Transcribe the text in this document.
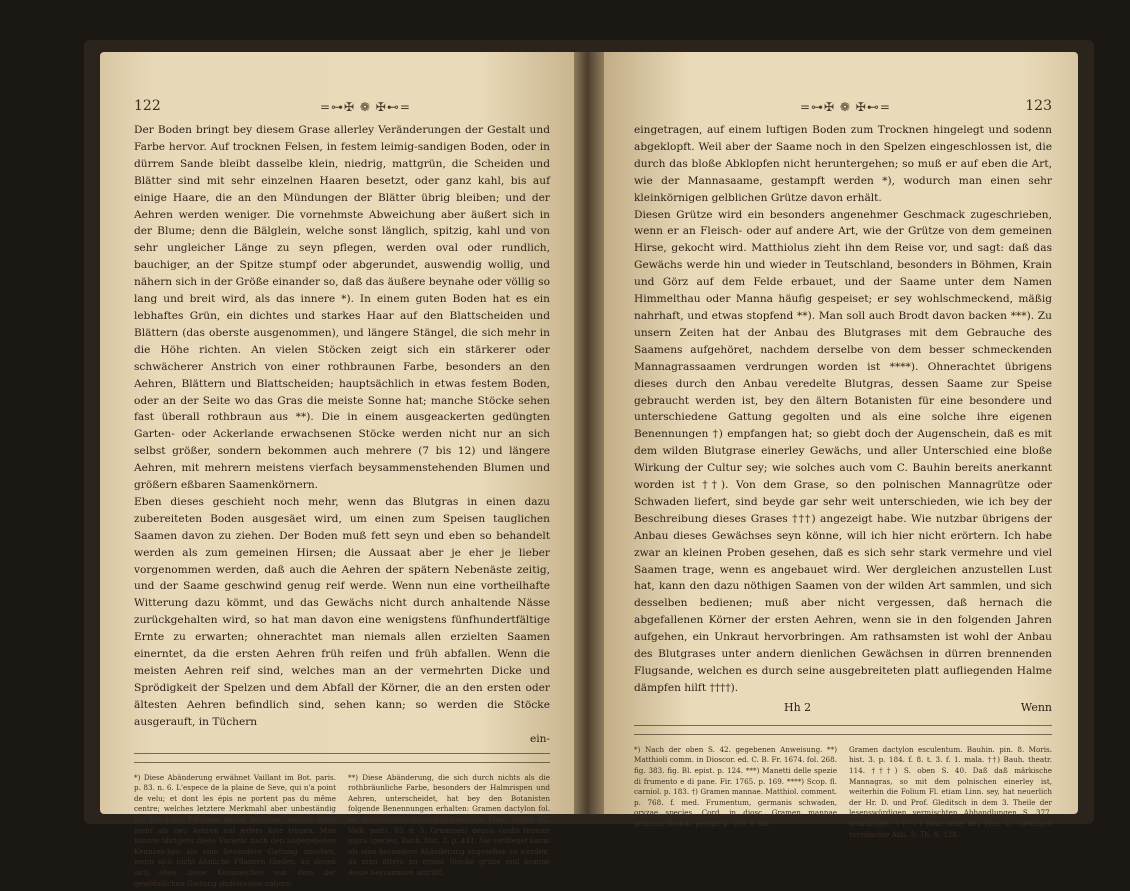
122	=⊶✠ ❁ ✠⊷=

Der Boden bringt bey diesem Grase allerley Veränderungen der Gestalt und Farbe hervor. Auf trocknen Felsen, in festem leimig-sandigen Boden, oder in dürrem Sande bleibt dasselbe klein, niedrig, mattgrün, die Scheiden und Blätter sind mit sehr einzelnen Haaren besetzt, oder ganz kahl, bis auf einige Haare, die an den Mündungen der Blätter übrig bleiben; und der Aehren werden weniger. Die vornehmste Abweichung aber äußert sich in der Blume; denn die Bälglein, welche sonst länglich, spitzig, kahl und von sehr ungleicher Länge zu seyn pflegen, werden oval oder rundlich, bauchiger, an der Spitze stumpf oder abgerundet, auswendig wollig, und nähern sich in der Größe einander so, daß das äußere beynahe oder völlig so lang und breit wird, als das innere *). In einem guten Boden hat es ein lebhaftes Grün, ein dichtes und starkes Haar auf den Blattscheiden und Blättern (das oberste ausgenommen), und längere Stängel, die sich mehr in die Höhe richten. An vielen Stöcken zeigt sich ein stärkerer oder schwächerer Anstrich von einer rothbraunen Farbe, besonders an den Aehren, Blättern und Blattscheiden; hauptsächlich in etwas festem Boden, oder an der Seite wo das Gras die meiste Sonne hat; manche Stöcke sehen fast überall rothbraun aus **). Die in einem ausgeackerten gedüngten Garten- oder Ackerlande erwachsenen Stöcke werden nicht nur an sich selbst größer, sondern bekommen auch mehrere (7 bis 12) und längere Aehren, mit mehrern meistens vierfach beysammenstehenden Blumen und größern eßbaren Saamenkörnern.

Eben dieses geschieht noch mehr, wenn das Blutgras in einen dazu zubereiteten Boden ausgesäet wird, um einen zum Speisen tauglichen Saamen davon zu ziehen. Der Boden muß fett seyn und eben so behandelt werden als zum gemeinen Hirsen; die Aussaat aber je eher je lieber vorgenommen werden, daß auch die Aehren der spätern Nebenäste zeitig, und der Saame geschwind genug reif werde. Wenn nun eine vortheilhafte Witterung dazu kömmt, und das Gewächs nicht durch anhaltende Nässe zurückgehalten wird, so hat man davon eine wenigstens fünfhundertfältige Ernte zu erwarten; ohnerachtet man niemals allen erzielten Saamen einerntet, da die ersten Aehren früh reifen und früh abfallen. Wenn die meisten Aehren reif sind, welches man an der vermehrten Dicke und Sprödigkeit der Spelzen und dem Abfall der Körner, die an den ersten oder ältesten Aehren befindlich sind, sehen kann; so werden die Stöcke ausgerauft, in Tüchern

ein-

*) Diese Abänderung erwähnet Vaillant im Bot. paris. p. 83. n. 6. L'espece de la plaine de Seve, qui n'a point de velu; et dont les épis ne portent pas du même centre; welches letztere Merkmahl aber unbeständig ist. Ich habe Pflanzen davon gesehen, welche nicht mehr als zwo Aehren auf jedem Aste trugen. Man könnte übrigens diese Varietät nach den angegebenen Kennzeichen als eine besondere Gattung ansehen, wenn sich nicht ähnliche Pflanzen fänden, an denen sich eben diese Kennzeichen von dem der gewöhnlichen Gattung stufenweise nähern.

**) Diese Abänderung, die sich durch nichts als die rothbräunliche Farbe, besonders der Halmrispen und Aehren, unterscheidet, hat bey den Botanisten folgende Benennungen erhalten: Gramen dactylon fol. lat. procumbens spicis nigricantibus. Ment. pugill. 82. Vaill. paris. 83. n. 5. Gramineis densis caulis tenuior nigra species. Bauh. hist. 2. p. 441. Sie verdienet kaum als eine besondere Abänderung angesehen zu werden, da man öfters an einem Stocke grüne und braune Aeste beysammen antrifft.

=⊶✠ ❁ ✠⊷=	123

eingetragen, auf einem luftigen Boden zum Trocknen hingelegt und sodenn abgeklopft. Weil aber der Saame noch in den Spelzen eingeschlossen ist, die durch das bloße Abklopfen nicht heruntergehen; so muß er auf eben die Art, wie der Mannasaame, gestampft werden *), wodurch man einen sehr kleinkörnigen gelblichen Grütze davon erhält.

Diesen Grütze wird ein besonders angenehmer Geschmack zugeschrieben, wenn er an Fleisch- oder auf andere Art, wie der Grütze von dem gemeinen Hirse, gekocht wird. Matthiolus zieht ihn dem Reise vor, und sagt: daß das Gewächs werde hin und wieder in Teutschland, besonders in Böhmen, Krain und Görz auf dem Felde erbauet, und der Saame unter dem Namen Himmelthau oder Manna häufig gespeiset; er sey wohlschmeckend, mäßig nahrhaft, und etwas stopfend **). Man soll auch Brodt davon backen ***). Zu unsern Zeiten hat der Anbau des Blutgrases mit dem Gebrauche des Saamens aufgehöret, nachdem derselbe von dem besser schmeckenden Mannagrassaamen verdrungen worden ist ****). Ohnerachtet übrigens dieses durch den Anbau veredelte Blutgras, dessen Saame zur Speise gebraucht werden ist, bey den ältern Botanisten für eine besondere und unterschiedene Gattung gegolten und als eine solche ihre eigenen Benennungen †) empfangen hat; so giebt doch der Augenschein, daß es mit dem wilden Blutgrase einerley Gewächs, und aller Unterschied eine bloße Wirkung der Cultur sey; wie solches auch vom C. Bauhin bereits anerkannt worden ist ††). Von dem Grase, so den polnischen Mannagrütze oder Schwaden liefert, sind beyde gar sehr weit unterschieden, wie ich bey der Beschreibung dieses Grases †††) angezeigt habe. Wie nutzbar übrigens der Anbau dieses Gewächses seyn könne, will ich hier nicht erörtern. Ich habe zwar an kleinen Proben gesehen, daß es sich sehr stark vermehre und viel Saamen trage, wenn es angebauet wird. Wer dergleichen anzustellen Lust hat, kann den dazu nöthigen Saamen von der wilden Art sammlen, und sich desselben bedienen; muß aber nicht vergessen, daß hernach die abgefallenen Körner der ersten Aehren, wenn sie in den folgenden Jahren aufgehen, ein Unkraut hervorbringen. Am rathsamsten ist wohl der Anbau des Blutgrases unter andern dienlichen Gewächsen in dürren brennenden Flugsande, welchen es durch seine ausgebreiteten platt aufliegenden Halme dämpfen hilft ††††).

Hh 2	Wenn

*) Nach der oben S. 42. gegebenen Anweisung. **) Matthioli comm. in Dioscor. ed. C. B. Fr. 1674. fol. 268. fig. 383. fig. Bl. epist. p. 124. ***) Manetti delle spezie di frumento e di pane. Fir. 1765. p. 169. ****) Scop. fl. carniol. p. 183. †) Gramen mannae. Matthiol. comment. p. 768. f. med. Frumentum, germanis schwaden, oryzae species. Cord. in diosc. Gramen mannae primum. Dodon. pempt. p. 559. f. sin.

Gramen dactylon esculentum. Bauhin. pin. 8. Moris. hist. 3. p. 184. f. 8. t. 3. f. 1. mala. ††) Bauh. theatr. 114. †††) S. oben S. 40. Daß daß märkische Mannagras, so mit dem polnischen einerley ist, weiterhin die Folium Fl. etiam Linn. sey, hat neuerlich der Hr. D. und Prof. Gleditsch in dem 3. Theile der lesenswürdigen vermischten Abhandlungen S. 377. bekräftiget. ††††) Man sehe des Hrn. D. Gleditsch vermischte Abh. 3. Th. S. 128.
